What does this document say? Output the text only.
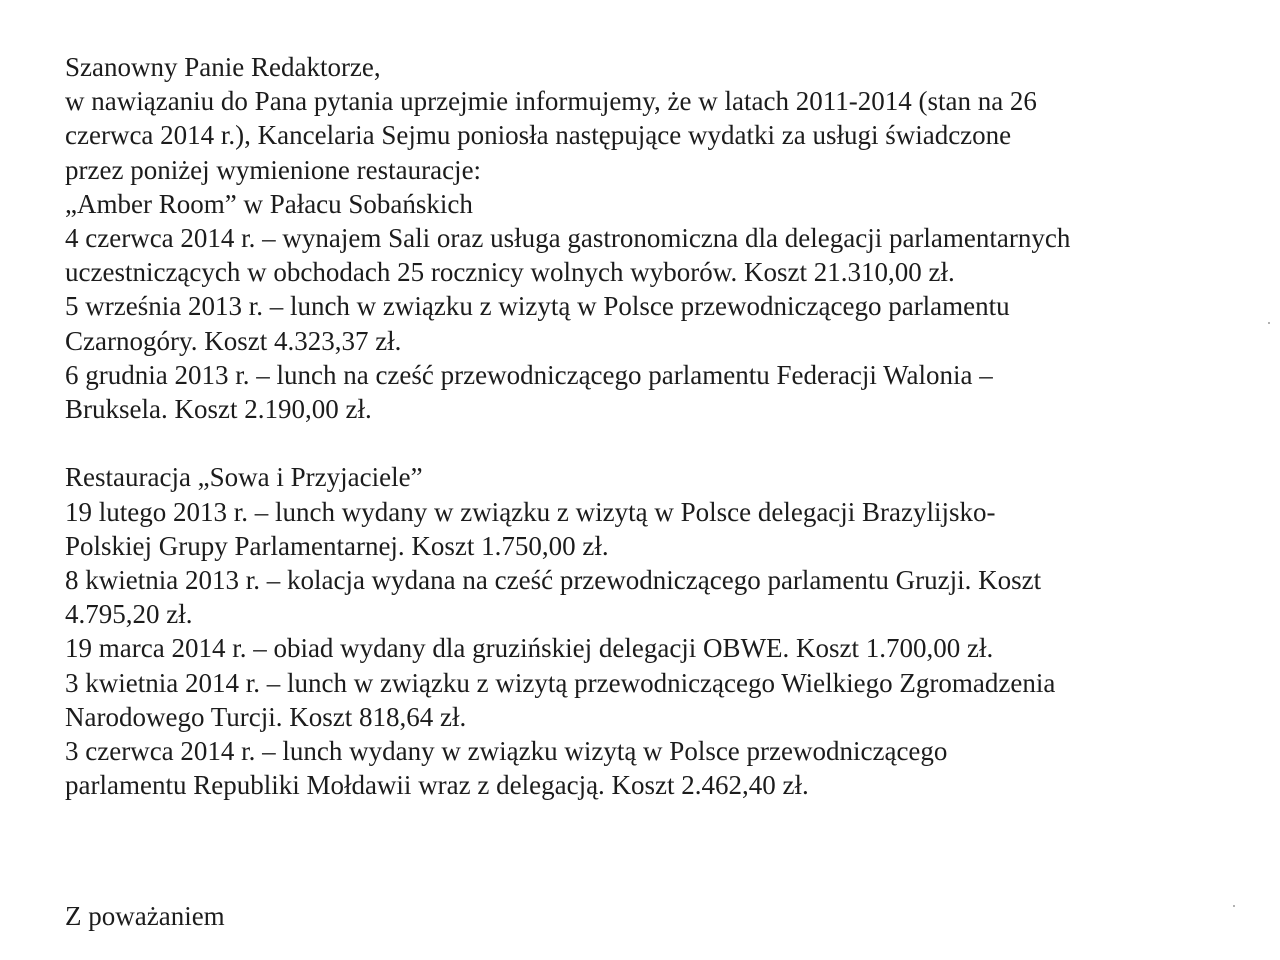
Szanowny Panie Redaktorze,
w nawiązaniu do Pana pytania uprzejmie informujemy, że w latach 2011-2014 (stan na 26
czerwca 2014 r.), Kancelaria Sejmu poniosła następujące wydatki za usługi świadczone
przez poniżej wymienione restauracje:
„Amber Room” w Pałacu Sobańskich
4 czerwca 2014 r. – wynajem Sali oraz usługa gastronomiczna dla delegacji parlamentarnych
uczestniczących w obchodach 25 rocznicy wolnych wyborów. Koszt 21.310,00 zł.
5 września 2013 r. – lunch w związku z wizytą w Polsce przewodniczącego parlamentu
Czarnogóry. Koszt 4.323,37 zł.
6 grudnia 2013 r. – lunch na cześć przewodniczącego parlamentu Federacji Walonia –
Bruksela. Koszt 2.190,00 zł.
Restauracja „Sowa i Przyjaciele”
19 lutego 2013 r. – lunch wydany w związku z wizytą w Polsce delegacji Brazylijsko-
Polskiej Grupy Parlamentarnej. Koszt 1.750,00 zł.
8 kwietnia 2013 r. – kolacja wydana na cześć przewodniczącego parlamentu Gruzji. Koszt
4.795,20 zł.
19 marca 2014 r. – obiad wydany dla gruzińskiej delegacji OBWE. Koszt 1.700,00 zł.
3 kwietnia 2014 r. – lunch w związku z wizytą przewodniczącego Wielkiego Zgromadzenia
Narodowego Turcji. Koszt 818,64 zł.
3 czerwca 2014 r. – lunch wydany w związku wizytą w Polsce przewodniczącego
parlamentu Republiki Mołdawii wraz z delegacją. Koszt 2.462,40 zł.
Z poważaniem
